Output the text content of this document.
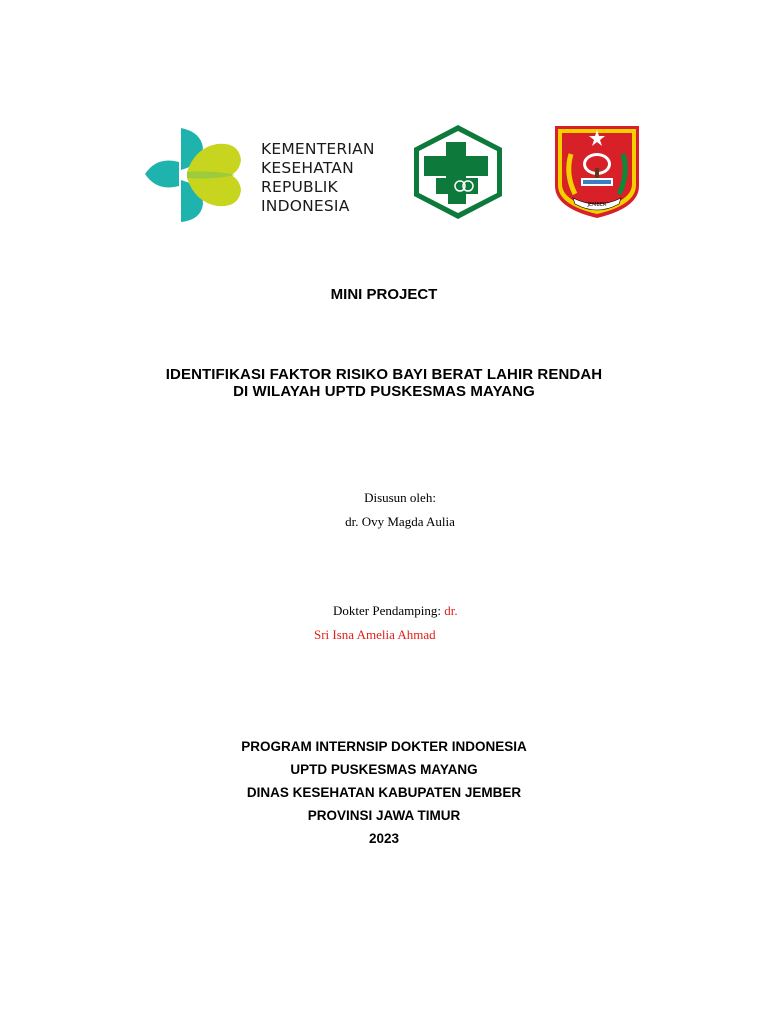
KEMENTERIAN
KESEHATAN
REPUBLIK
INDONESIA	JEMBER
MINI PROJECT
IDENTIFIKASI FAKTOR RISIKO BAYI BERAT LAHIR RENDAH
DI WILAYAH UPTD PUSKESMAS MAYANG
Disusun oleh:
dr. Ovy Magda Aulia
Dokter Pendamping: dr.
Sri Isna Amelia Ahmad
PROGRAM INTERNSIP DOKTER INDONESIA
UPTD PUSKESMAS MAYANG
DINAS KESEHATAN KABUPATEN JEMBER
PROVINSI JAWA TIMUR
2023
